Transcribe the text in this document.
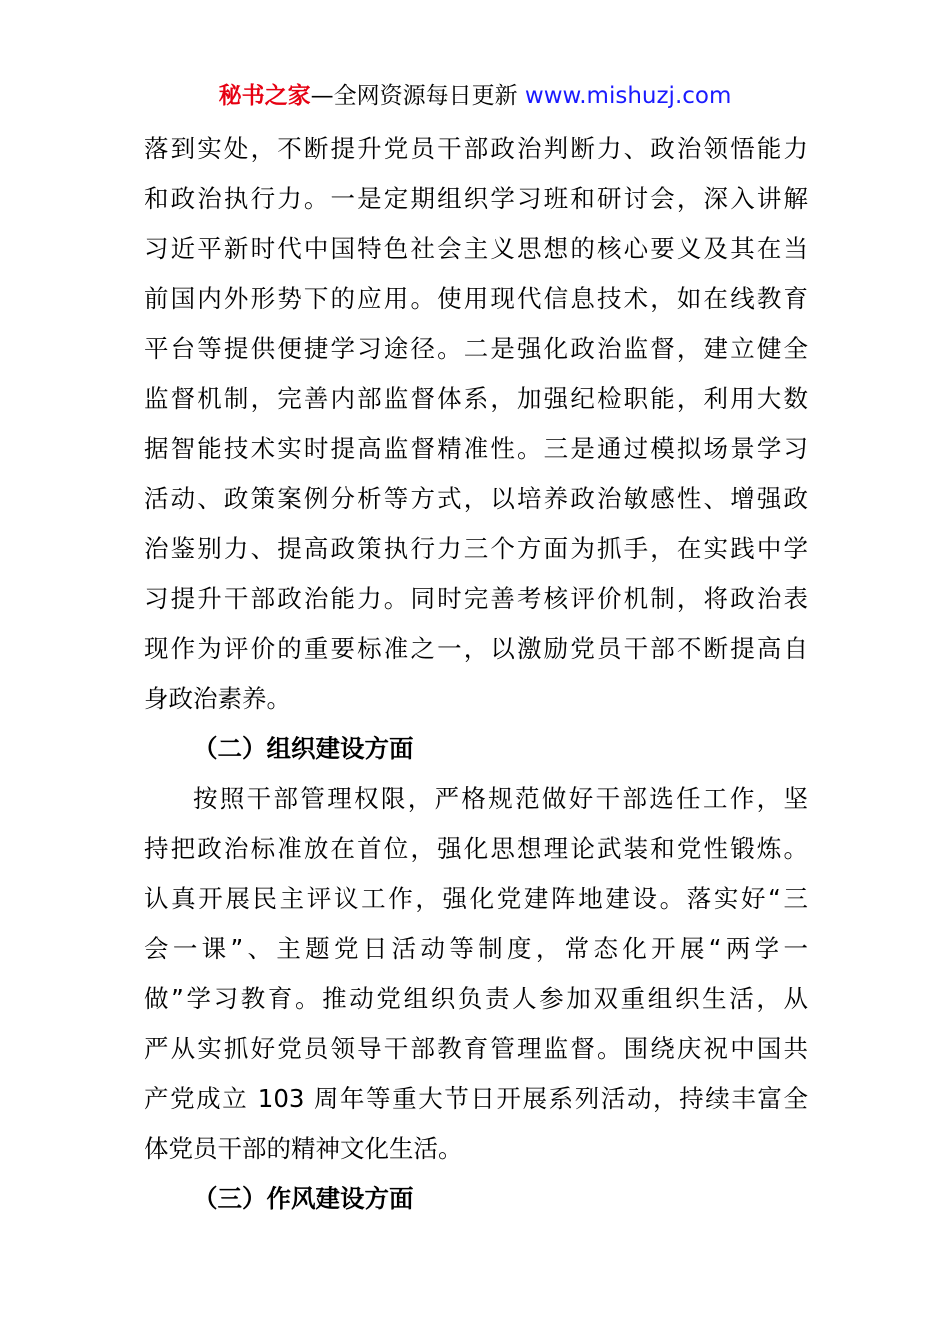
秘书之家—全网资源每日更新 www.mishuzj.com
落到实处，不断提升党员干部政治判断力、政治领悟能力
和政治执行力。一是定期组织学习班和研讨会，深入讲解
习近平新时代中国特色社会主义思想的核心要义及其在当
前国内外形势下的应用。使用现代信息技术，如在线教育
平台等提供便捷学习途径。二是强化政治监督，建立健全
监督机制，完善内部监督体系，加强纪检职能，利用大数
据智能技术实时提高监督精准性。三是通过模拟场景学习
活动、政策案例分析等方式，以培养政治敏感性、增强政
治鉴别力、提高政策执行力三个方面为抓手，在实践中学
习提升干部政治能力。同时完善考核评价机制，将政治表
现作为评价的重要标准之一，以激励党员干部不断提高自
身政治素养。
（二）组织建设方面
按照干部管理权限，严格规范做好干部选任工作，坚
持把政治标准放在首位，强化思想理论武装和党性锻炼。
认真开展民主评议工作，强化党建阵地建设。落实好“三
会一课”、主题党日活动等制度，常态化开展“两学一
做”学习教育。推动党组织负责人参加双重组织生活，从
严从实抓好党员领导干部教育管理监督。围绕庆祝中国共
产党成立 103 周年等重大节日开展系列活动，持续丰富全
体党员干部的精神文化生活。
（三）作风建设方面
